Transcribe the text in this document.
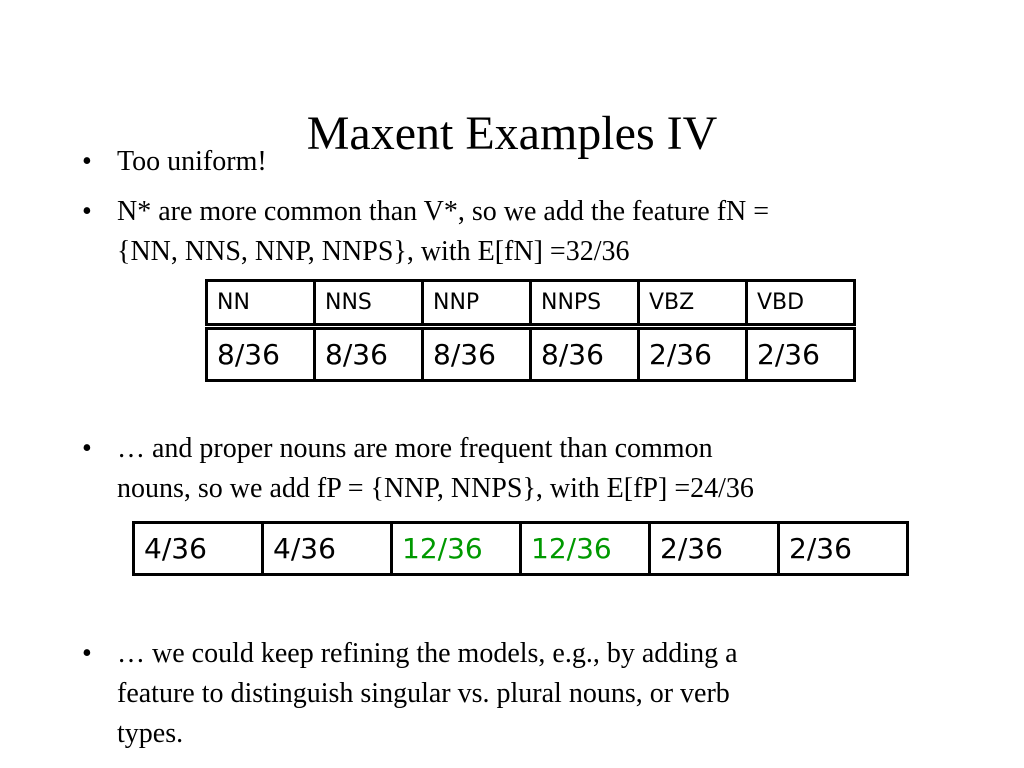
Maxent Examples IV
• Too uniform!
• N* are more common than V*, so we add the feature fN =
{NN, NNS, NNP, NNPS}, with E[fN] =32/36
NN	NNS	NNP	NNPS	VBZ	VBD
8/36	8/36	8/36	8/36	2/36	2/36
• … and proper nouns are more frequent than common
nouns, so we add fP = {NNP, NNPS}, with E[fP] =24/36
4/36	4/36	12/36	12/36	2/36	2/36
• … we could keep refining the models, e.g., by adding a
feature to distinguish singular vs. plural nouns, or verb
types.
